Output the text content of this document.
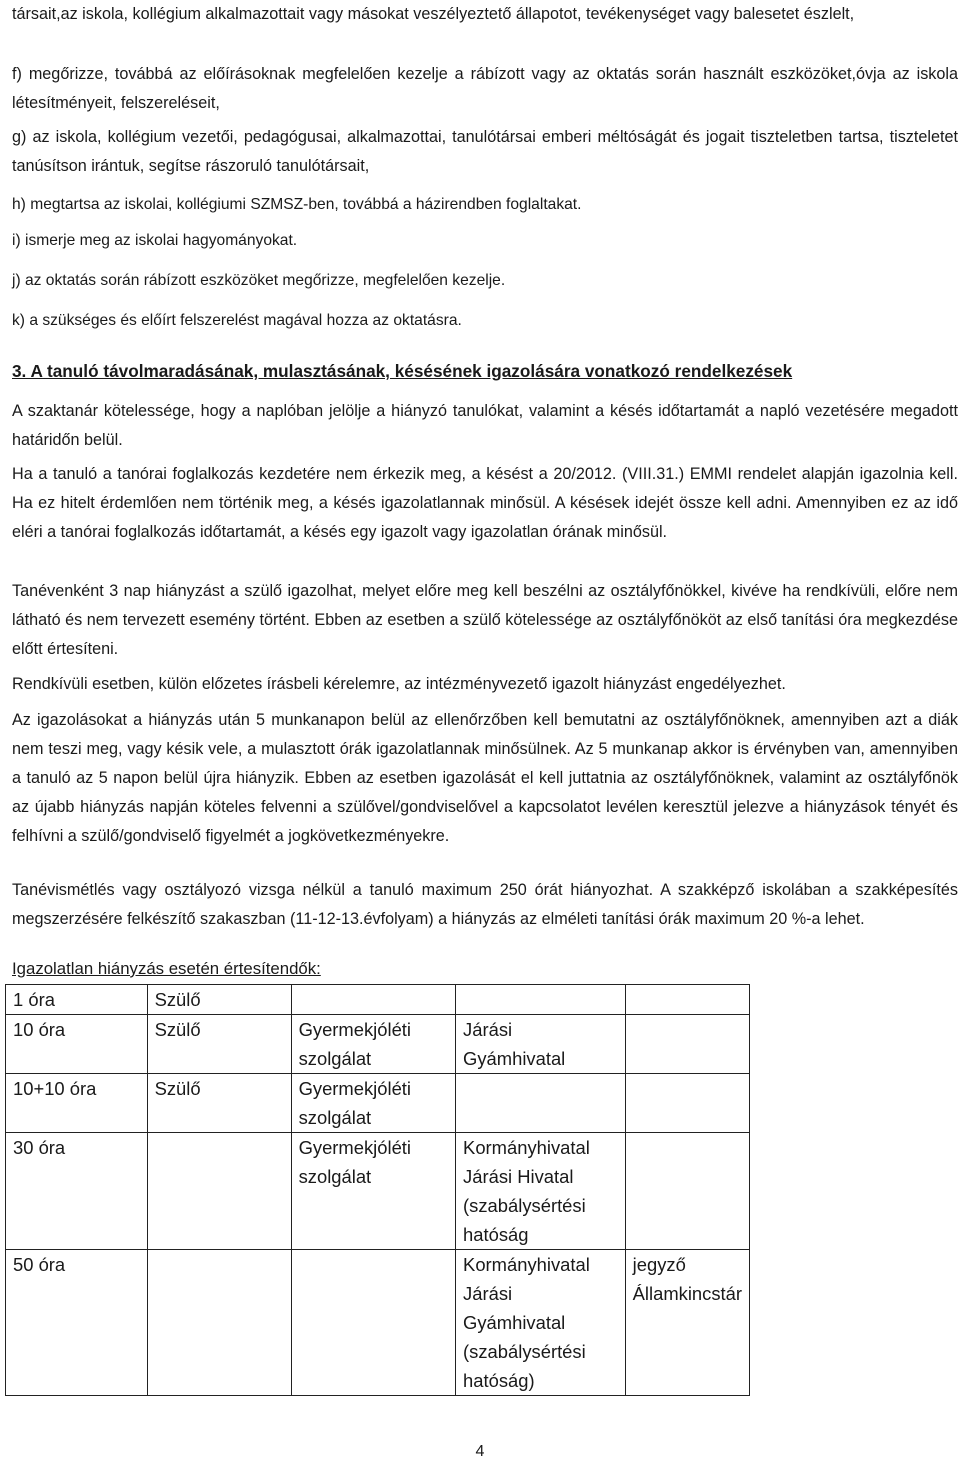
társait,az iskola, kollégium alkalmazottait vagy másokat veszélyeztető állapotot, tevékenységet vagy balesetet észlelt,
f) megőrizze, továbbá az előírásoknak megfelelően kezelje a rábízott vagy az oktatás során használt eszközöket,óvja az iskola létesítményeit, felszereléseit,
g) az iskola, kollégium vezetői, pedagógusai, alkalmazottai, tanulótársai emberi méltóságát és jogait tiszteletben tartsa, tiszteletet tanúsítson irántuk, segítse rászoruló tanulótársait,
h) megtartsa az iskolai, kollégiumi SZMSZ-ben, továbbá a házirendben foglaltakat.
i) ismerje meg az iskolai hagyományokat.
j) az oktatás során rábízott eszközöket megőrizze, megfelelően kezelje.
k) a szükséges és előírt felszerelést magával hozza az oktatásra.
3. A tanuló távolmaradásának, mulasztásának, késésének igazolására vonatkozó rendelkezések
A szaktanár kötelessége, hogy a naplóban jelölje a hiányzó tanulókat, valamint a késés időtartamát a napló vezetésére megadott határidőn belül.
Ha a tanuló a tanórai foglalkozás kezdetére nem érkezik meg, a késést a 20/2012. (VIII.31.) EMMI rendelet alapján igazolnia kell. Ha ez hitelt érdemlően nem történik meg, a késés igazolatlannak minősül. A késések idejét össze kell adni. Amennyiben ez az idő eléri a tanórai foglalkozás időtartamát, a késés egy igazolt vagy igazolatlan órának minősül.
Tanévenként 3 nap hiányzást a szülő igazolhat, melyet előre meg kell beszélni az osztályfőnökkel, kivéve ha rendkívüli, előre nem látható és nem tervezett esemény történt. Ebben az esetben a szülő kötelessége az osztályfőnököt az első tanítási óra megkezdése előtt értesíteni.
Rendkívüli esetben, külön előzetes írásbeli kérelemre, az intézményvezető igazolt hiányzást engedélyezhet.
Az igazolásokat a hiányzás után 5 munkanapon belül az ellenőrzőben kell bemutatni az osztályfőnöknek, amennyiben azt a diák nem teszi meg, vagy késik vele, a mulasztott órák igazolatlannak minősülnek. Az 5 munkanap akkor is érvényben van, amennyiben a tanuló az 5 napon belül újra hiányzik. Ebben az esetben igazolását el kell juttatnia az osztályfőnöknek, valamint az osztályfőnök az újabb hiányzás napján köteles felvenni a szülővel/gondviselővel a kapcsolatot levélen keresztül jelezve a hiányzások tényét és felhívni a szülő/gondviselő figyelmét a jogkövetkezményekre.
Tanévismétlés vagy osztályozó vizsga nélkül a tanuló maximum 250 órát hiányozhat. A szakképző iskolában a szakképesítés megszerzésére felkészítő szakaszban (11-12-13.évfolyam) a hiányzás az elméleti tanítási órák maximum 20 %-a lehet.
Igazolatlan hiányzás esetén értesítendők:
1 óra	Szülő			
10 óra	Szülő	Gyermekjóléti szolgálat	Járási Gyámhivatal	
10+10 óra	Szülő	Gyermekjóléti szolgálat		
30 óra		Gyermekjóléti szolgálat	Kormányhivatal Járási Hivatal (szabálysértési hatóság	
50 óra			Kormányhivatal Járási Gyámhivatal (szabálysértési hatóság)	jegyző Államkincstár
4
